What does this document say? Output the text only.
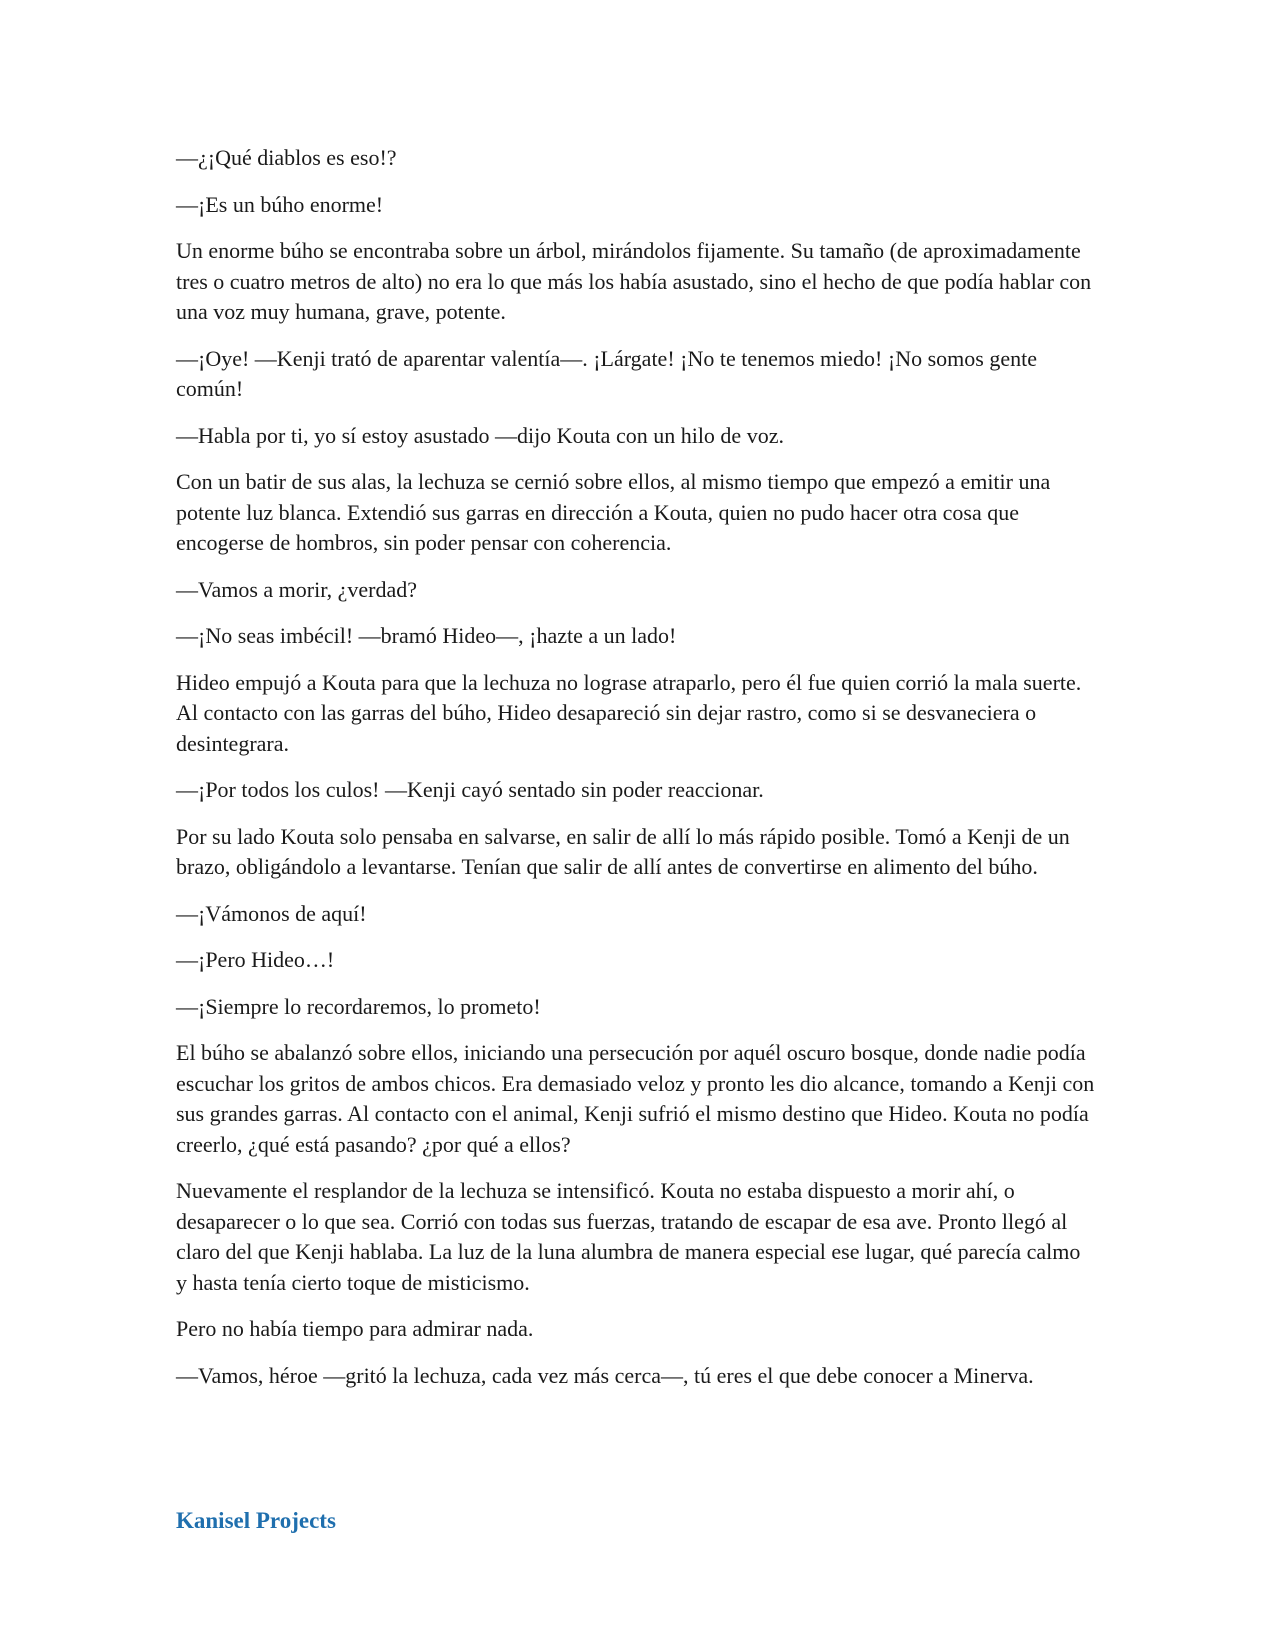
—¿¡Qué diablos es eso!?

—¡Es un búho enorme!

Un enorme búho se encontraba sobre un árbol, mirándolos fijamente. Su tamaño (de aproximadamente tres o cuatro metros de alto) no era lo que más los había asustado, sino el hecho de que podía hablar con una voz muy humana, grave, potente.

—¡Oye! —Kenji trató de aparentar valentía—. ¡Lárgate! ¡No te tenemos miedo! ¡No somos gente común!

—Habla por ti, yo sí estoy asustado —dijo Kouta con un hilo de voz.

Con un batir de sus alas, la lechuza se cernió sobre ellos, al mismo tiempo que empezó a emitir una potente luz blanca. Extendió sus garras en dirección a Kouta, quien no pudo hacer otra cosa que encogerse de hombros, sin poder pensar con coherencia.

—Vamos a morir, ¿verdad?

—¡No seas imbécil! —bramó Hideo—, ¡hazte a un lado!

Hideo empujó a Kouta para que la lechuza no lograse atraparlo, pero él fue quien corrió la mala suerte. Al contacto con las garras del búho, Hideo desapareció sin dejar rastro, como si se desvaneciera o desintegrara.

—¡Por todos los culos! —Kenji cayó sentado sin poder reaccionar.

Por su lado Kouta solo pensaba en salvarse, en salir de allí lo más rápido posible. Tomó a Kenji de un brazo, obligándolo a levantarse. Tenían que salir de allí antes de convertirse en alimento del búho.

—¡Vámonos de aquí!

—¡Pero Hideo…!

—¡Siempre lo recordaremos, lo prometo!

El búho se abalanzó sobre ellos, iniciando una persecución por aquél oscuro bosque, donde nadie podía escuchar los gritos de ambos chicos. Era demasiado veloz y pronto les dio alcance, tomando a Kenji con sus grandes garras. Al contacto con el animal, Kenji sufrió el mismo destino que Hideo. Kouta no podía creerlo, ¿qué está pasando? ¿por qué a ellos?

Nuevamente el resplandor de la lechuza se intensificó. Kouta no estaba dispuesto a morir ahí, o desaparecer o lo que sea. Corrió con todas sus fuerzas, tratando de escapar de esa ave. Pronto llegó al claro del que Kenji hablaba. La luz de la luna alumbra de manera especial ese lugar, qué parecía calmo y hasta tenía cierto toque de misticismo.

Pero no había tiempo para admirar nada.

—Vamos, héroe —gritó la lechuza, cada vez más cerca—, tú eres el que debe conocer a Minerva.

Kanisel Projects
